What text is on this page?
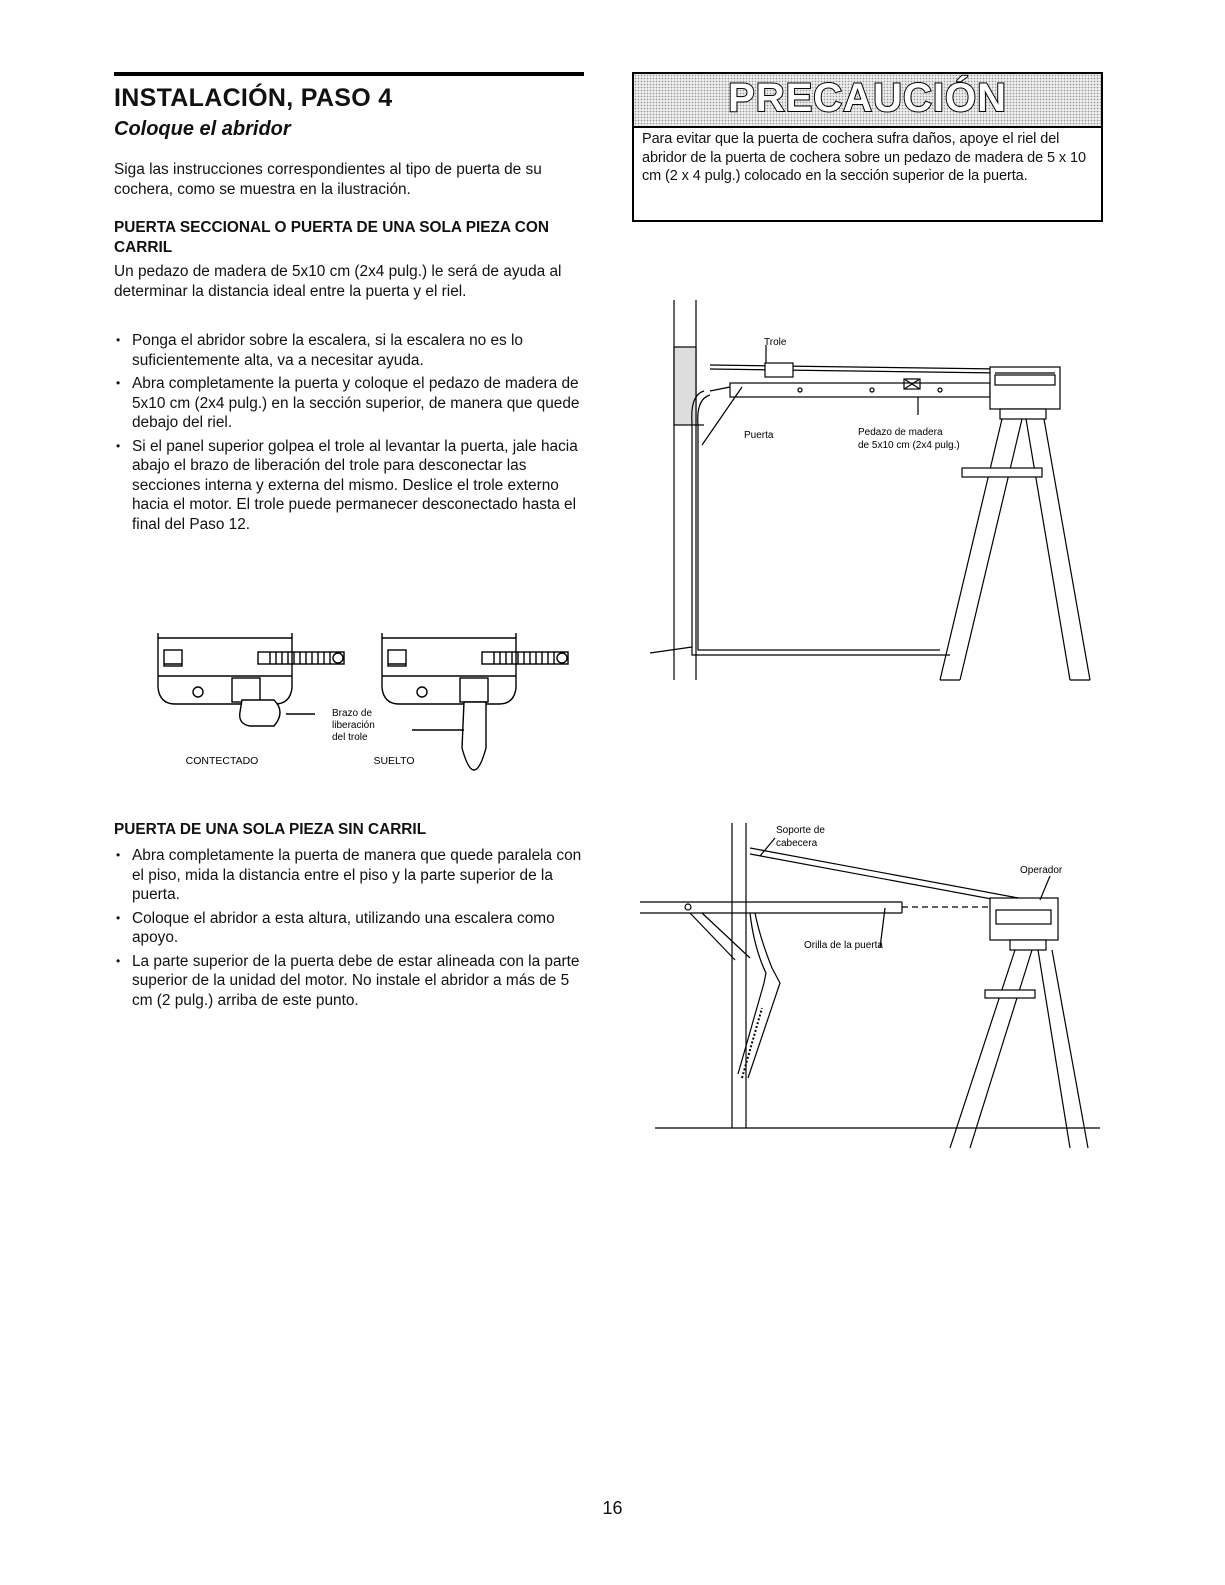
INSTALACIÓN, PASO 4
Coloque el abridor
Siga las instrucciones correspondientes al tipo de puerta de su cochera, como se muestra en la ilustración.
PUERTA SECCIONAL O PUERTA DE UNA SOLA PIEZA CON CARRIL
Un pedazo de madera de 5x10 cm (2x4 pulg.) le será de ayuda al determinar la distancia ideal entre la puerta y el riel.
• Ponga el abridor sobre la escalera, si la escalera no es lo suficientemente alta, va a necesitar ayuda.
• Abra completamente la puerta y coloque el pedazo de madera de 5x10 cm (2x4 pulg.) en la sección superior, de manera que quede debajo del riel.
• Si el panel superior golpea el trole al levantar la puerta, jale hacia abajo el brazo de liberación del trole para desconectar las secciones interna y externa del mismo. Deslice el trole externo hacia el motor. El trole puede permanecer desconectado hasta el final del Paso 12.
PUERTA DE UNA SOLA PIEZA SIN CARRIL
• Abra completamente la puerta de manera que quede paralela con el piso, mida la distancia entre el piso y la parte superior de la puerta.
• Coloque el abridor a esta altura, utilizando una escalera como apoyo.
• La parte superior de la puerta debe de estar alineada con la parte superior de la unidad del motor. No instale el abridor a más de 5 cm (2 pulg.) arriba de este punto.
PRECAUCIÓN
Para evitar que la puerta de cochera sufra daños, apoye el riel del abridor de la puerta de cochera sobre un pedazo de madera de 5 x 10 cm (2 x 4 pulg.) colocado en la sección superior de la puerta.
CONTECTADO	SUELTO
Brazo de
liberación
del trole
Trole
Puerta	Pedazo de madera
de 5x10 cm (2x4 pulg.)
Soporte de
cabecera
Operador
Orilla de la puerta
16
